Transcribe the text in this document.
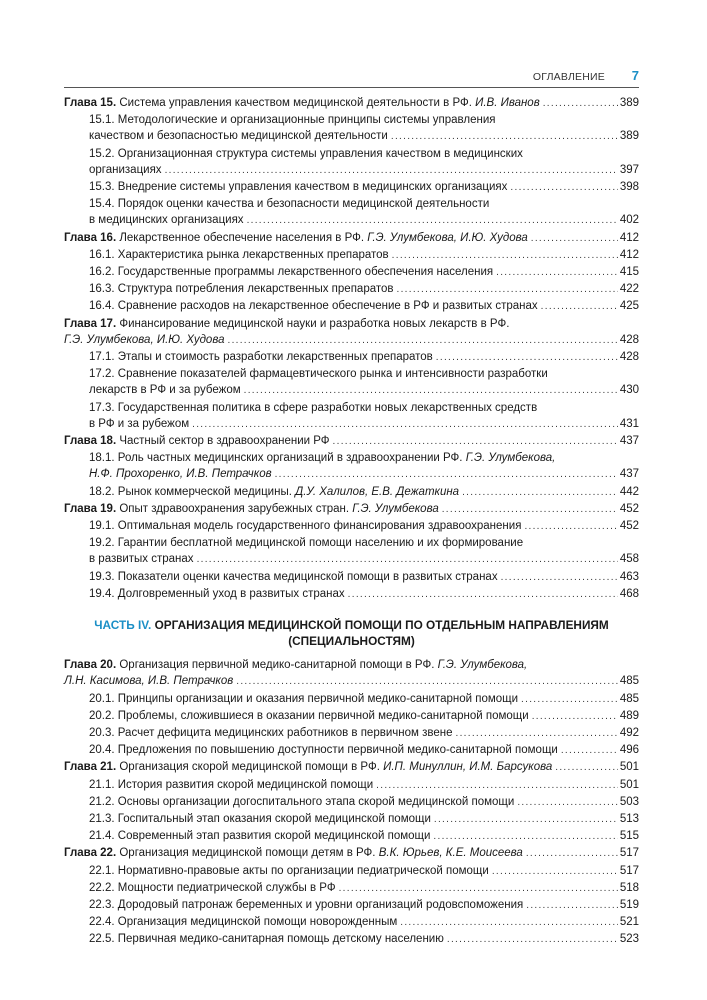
ОГЛАВЛЕНИЕ 7
Глава 15. Система управления качеством медицинской деятельности в РФ. И.В. Иванов .....	389
15.1. Методологические и организационные принципы системы управления
качеством и безопасностью медицинской деятельности .....	389
15.2. Организационная структура системы управления качеством в медицинских
организациях .....	397
15.3. Внедрение системы управления качеством в медицинских организациях .....	398
15.4. Порядок оценки качества и безопасности медицинской деятельности
в медицинских организациях .....	402
Глава 16. Лекарственное обеспечение населения в РФ. Г.Э. Улумбекова, И.Ю. Худова .....	412
16.1. Характеристика рынка лекарственных препаратов .....	412
16.2. Государственные программы лекарственного обеспечения населения .....	415
16.3. Структура потребления лекарственных препаратов .....	422
16.4. Сравнение расходов на лекарственное обеспечение в РФ и развитых странах .....	425
Глава 17. Финансирование медицинской науки и разработка новых лекарств в РФ.
Г.Э. Улумбекова, И.Ю. Худова .....	428
17.1. Этапы и стоимость разработки лекарственных препаратов .....	428
17.2. Сравнение показателей фармацевтического рынка и интенсивности разработки
лекарств в РФ и за рубежом .....	430
17.3. Государственная политика в сфере разработки новых лекарственных средств
в РФ и за рубежом .....	431
Глава 18. Частный сектор в здравоохранении РФ .....	437
18.1. Роль частных медицинских организаций в здравоохранении РФ. Г.Э. Улумбекова,
Н.Ф. Прохоренко, И.В. Петрачков .....	437
18.2. Рынок коммерческой медицины. Д.У. Халилов, Е.В. Дежаткина .....	442
Глава 19. Опыт здравоохранения зарубежных стран. Г.Э. Улумбекова .....	452
19.1. Оптимальная модель государственного финансирования здравоохранения .....	452
19.2. Гарантии бесплатной медицинской помощи населению и их формирование
в развитых странах .....	458
19.3. Показатели оценки качества медицинской помощи в развитых странах .....	463
19.4. Долговременный уход в развитых странах .....	468
ЧАСТЬ IV. ОРГАНИЗАЦИЯ МЕДИЦИНСКОЙ ПОМОЩИ ПО ОТДЕЛЬНЫМ НАПРАВЛЕНИЯМ
(СПЕЦИАЛЬНОСТЯМ)
Глава 20. Организация первичной медико-санитарной помощи в РФ. Г.Э. Улумбекова,
Л.Н. Касимова, И.В. Петрачков .....	485
20.1. Принципы организации и оказания первичной медико-санитарной помощи .....	485
20.2. Проблемы, сложившиеся в оказании первичной медико-санитарной помощи .....	489
20.3. Расчет дефицита медицинских работников в первичном звене .....	492
20.4. Предложения по повышению доступности первичной медико-санитарной помощи .....	496
Глава 21. Организация скорой медицинской помощи в РФ. И.П. Минуллин, И.М. Барсукова .....	501
21.1. История развития скорой медицинской помощи .....	501
21.2. Основы организации догоспитального этапа скорой медицинской помощи .....	503
21.3. Госпитальный этап оказания скорой медицинской помощи .....	513
21.4. Современный этап развития скорой медицинской помощи .....	515
Глава 22. Организация медицинской помощи детям в РФ. В.К. Юрьев, К.Е. Моисеева .....	517
22.1. Нормативно-правовые акты по организации педиатрической помощи .....	517
22.2. Мощности педиатрической службы в РФ .....	518
22.3. Дородовый патронаж беременных и уровни организаций родовспоможения .....	519
22.4. Организация медицинской помощи новорожденным .....	521
22.5. Первичная медико-санитарная помощь детскому населению .....	523
